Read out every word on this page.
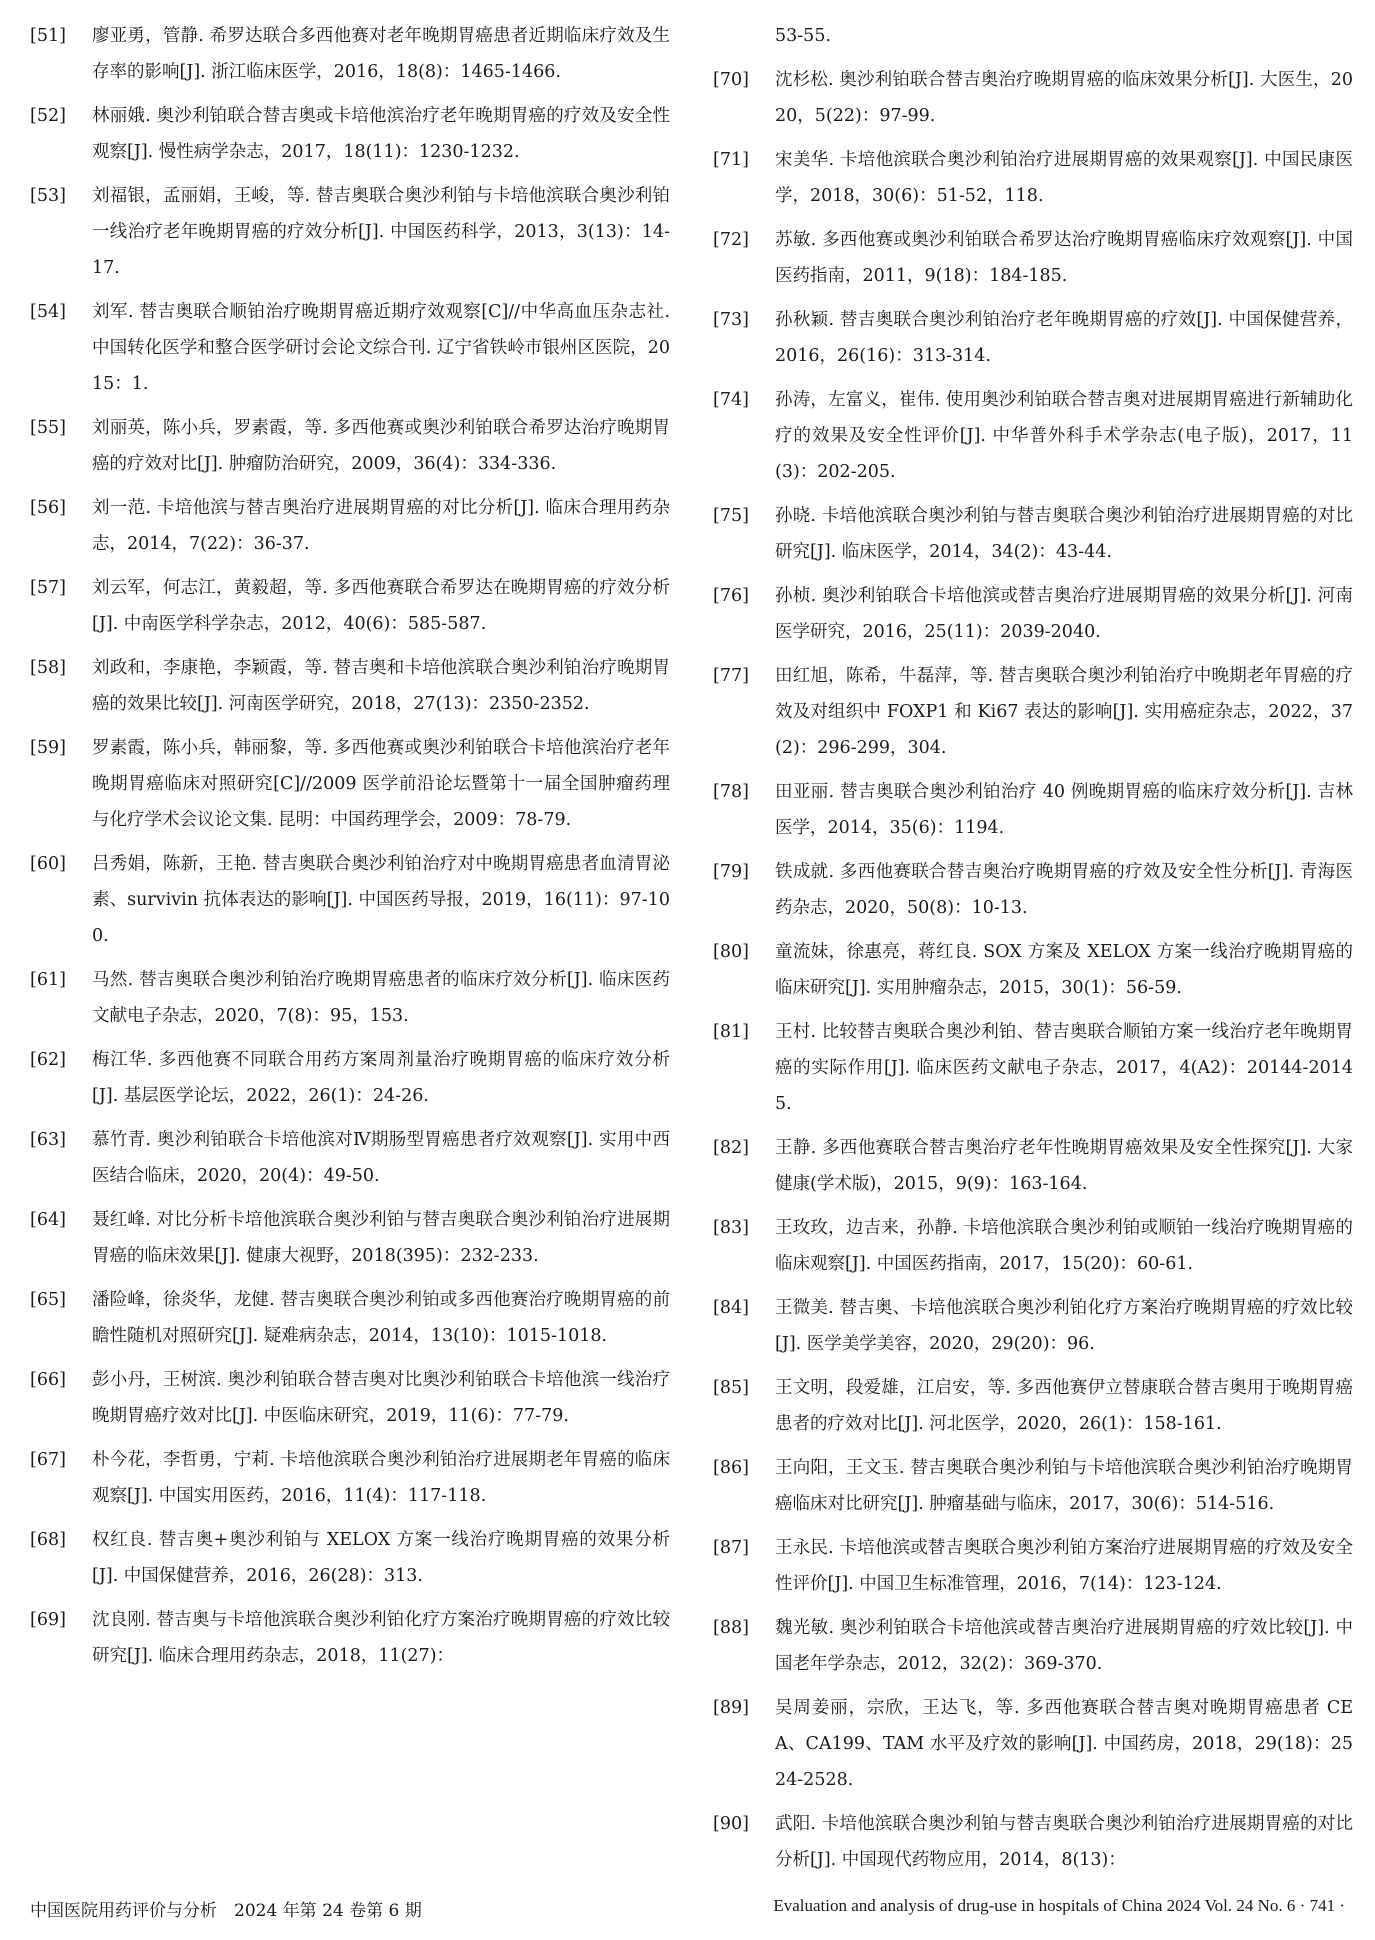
[51]	廖亚勇，管静. 希罗达联合多西他赛对老年晚期胃癌患者近期临床疗效及生存率的影响[J]. 浙江临床医学，2016，18(8)：1465-1466.
[52]	林丽娥. 奥沙利铂联合替吉奥或卡培他滨治疗老年晚期胃癌的疗效及安全性观察[J]. 慢性病学杂志，2017，18(11)：1230-1232.
[53]	刘福银，孟丽娟，王峻，等. 替吉奥联合奥沙利铂与卡培他滨联合奥沙利铂一线治疗老年晚期胃癌的疗效分析[J]. 中国医药科学，2013，3(13)：14-17.
[54]	刘军. 替吉奥联合顺铂治疗晚期胃癌近期疗效观察[C]//中华高血压杂志社. 中国转化医学和整合医学研讨会论文综合刊. 辽宁省铁岭市银州区医院，2015：1.
[55]	刘丽英，陈小兵，罗素霞，等. 多西他赛或奥沙利铂联合希罗达治疗晚期胃癌的疗效对比[J]. 肿瘤防治研究，2009，36(4)：334-336.
[56]	刘一范. 卡培他滨与替吉奥治疗进展期胃癌的对比分析[J]. 临床合理用药杂志，2014，7(22)：36-37.
[57]	刘云军，何志江，黄毅超，等. 多西他赛联合希罗达在晚期胃癌的疗效分析[J]. 中南医学科学杂志，2012，40(6)：585-587.
[58]	刘政和，李康艳，李颖霞，等. 替吉奥和卡培他滨联合奥沙利铂治疗晚期胃癌的效果比较[J]. 河南医学研究，2018，27(13)：2350-2352.
[59]	罗素霞，陈小兵，韩丽黎，等. 多西他赛或奥沙利铂联合卡培他滨治疗老年晚期胃癌临床对照研究[C]//2009 医学前沿论坛暨第十一届全国肿瘤药理与化疗学术会议论文集. 昆明：中国药理学会，2009：78-79.
[60]	吕秀娟，陈新，王艳. 替吉奥联合奥沙利铂治疗对中晚期胃癌患者血清胃泌素、survivin 抗体表达的影响[J]. 中国医药导报，2019，16(11)：97-100.
[61]	马然. 替吉奥联合奥沙利铂治疗晚期胃癌患者的临床疗效分析[J]. 临床医药文献电子杂志，2020，7(8)：95，153.
[62]	梅江华. 多西他赛不同联合用药方案周剂量治疗晚期胃癌的临床疗效分析[J]. 基层医学论坛，2022，26(1)：24-26.
[63]	慕竹青. 奥沙利铂联合卡培他滨对Ⅳ期肠型胃癌患者疗效观察[J]. 实用中西医结合临床，2020，20(4)：49-50.
[64]	聂红峰. 对比分析卡培他滨联合奥沙利铂与替吉奥联合奥沙利铂治疗进展期胃癌的临床效果[J]. 健康大视野，2018(395)：232-233.
[65]	潘险峰，徐炎华，龙健. 替吉奥联合奥沙利铂或多西他赛治疗晚期胃癌的前瞻性随机对照研究[J]. 疑难病杂志，2014，13(10)：1015-1018.
[66]	彭小丹，王树滨. 奥沙利铂联合替吉奥对比奥沙利铂联合卡培他滨一线治疗晚期胃癌疗效对比[J]. 中医临床研究，2019，11(6)：77-79.
[67]	朴今花，李哲勇，宁莉. 卡培他滨联合奥沙利铂治疗进展期老年胃癌的临床观察[J]. 中国实用医药，2016，11(4)：117-118.
[68]	权红良. 替吉奥+奥沙利铂与 XELOX 方案一线治疗晚期胃癌的效果分析[J]. 中国保健营养，2016，26(28)：313.
[69]	沈良刚. 替吉奥与卡培他滨联合奥沙利铂化疗方案治疗晚期胃癌的疗效比较研究[J]. 临床合理用药杂志，2018，11(27)：
53-55.
[70]	沈杉松. 奥沙利铂联合替吉奥治疗晚期胃癌的临床效果分析[J]. 大医生，2020，5(22)：97-99.
[71]	宋美华. 卡培他滨联合奥沙利铂治疗进展期胃癌的效果观察[J]. 中国民康医学，2018，30(6)：51-52，118.
[72]	苏敏. 多西他赛或奥沙利铂联合希罗达治疗晚期胃癌临床疗效观察[J]. 中国医药指南，2011，9(18)：184-185.
[73]	孙秋颖. 替吉奥联合奥沙利铂治疗老年晚期胃癌的疗效[J]. 中国保健营养，2016，26(16)：313-314.
[74]	孙涛，左富义，崔伟. 使用奥沙利铂联合替吉奥对进展期胃癌进行新辅助化疗的效果及安全性评价[J]. 中华普外科手术学杂志(电子版)，2017，11(3)：202-205.
[75]	孙晓. 卡培他滨联合奥沙利铂与替吉奥联合奥沙利铂治疗进展期胃癌的对比研究[J]. 临床医学，2014，34(2)：43-44.
[76]	孙桢. 奥沙利铂联合卡培他滨或替吉奥治疗进展期胃癌的效果分析[J]. 河南医学研究，2016，25(11)：2039-2040.
[77]	田红旭，陈希，牛磊萍，等. 替吉奥联合奥沙利铂治疗中晚期老年胃癌的疗效及对组织中 FOXP1 和 Ki67 表达的影响[J]. 实用癌症杂志，2022，37(2)：296-299，304.
[78]	田亚丽. 替吉奥联合奥沙利铂治疗 40 例晚期胃癌的临床疗效分析[J]. 吉林医学，2014，35(6)：1194.
[79]	铁成就. 多西他赛联合替吉奥治疗晚期胃癌的疗效及安全性分析[J]. 青海医药杂志，2020，50(8)：10-13.
[80]	童流妹，徐惠亮，蒋红良. SOX 方案及 XELOX 方案一线治疗晚期胃癌的临床研究[J]. 实用肿瘤杂志，2015，30(1)：56-59.
[81]	王村. 比较替吉奥联合奥沙利铂、替吉奥联合顺铂方案一线治疗老年晚期胃癌的实际作用[J]. 临床医药文献电子杂志，2017，4(A2)：20144-20145.
[82]	王静. 多西他赛联合替吉奥治疗老年性晚期胃癌效果及安全性探究[J]. 大家健康(学术版)，2015，9(9)：163-164.
[83]	王玫玫，边吉来，孙静. 卡培他滨联合奥沙利铂或顺铂一线治疗晚期胃癌的临床观察[J]. 中国医药指南，2017，15(20)：60-61.
[84]	王微美. 替吉奥、卡培他滨联合奥沙利铂化疗方案治疗晚期胃癌的疗效比较[J]. 医学美学美容，2020，29(20)：96.
[85]	王文明，段爱雄，江启安，等. 多西他赛伊立替康联合替吉奥用于晚期胃癌患者的疗效对比[J]. 河北医学，2020，26(1)：158-161.
[86]	王向阳，王文玉. 替吉奥联合奥沙利铂与卡培他滨联合奥沙利铂治疗晚期胃癌临床对比研究[J]. 肿瘤基础与临床，2017，30(6)：514-516.
[87]	王永民. 卡培他滨或替吉奥联合奥沙利铂方案治疗进展期胃癌的疗效及安全性评价[J]. 中国卫生标准管理，2016，7(14)：123-124.
[88]	魏光敏. 奥沙利铂联合卡培他滨或替吉奥治疗进展期胃癌的疗效比较[J]. 中国老年学杂志，2012，32(2)：369-370.
[89]	吴周姜丽，宗欣，王达飞，等. 多西他赛联合替吉奥对晚期胃癌患者 CEA、CA199、TAM 水平及疗效的影响[J]. 中国药房，2018，29(18)：2524-2528.
[90]	武阳. 卡培他滨联合奥沙利铂与替吉奥联合奥沙利铂治疗进展期胃癌的对比分析[J]. 中国现代药物应用，2014，8(13)：
中国医院用药评价与分析　2024 年第 24 卷第 6 期	Evaluation and analysis of drug-use in hospitals of China 2024 Vol. 24 No. 6 · 741 ·
